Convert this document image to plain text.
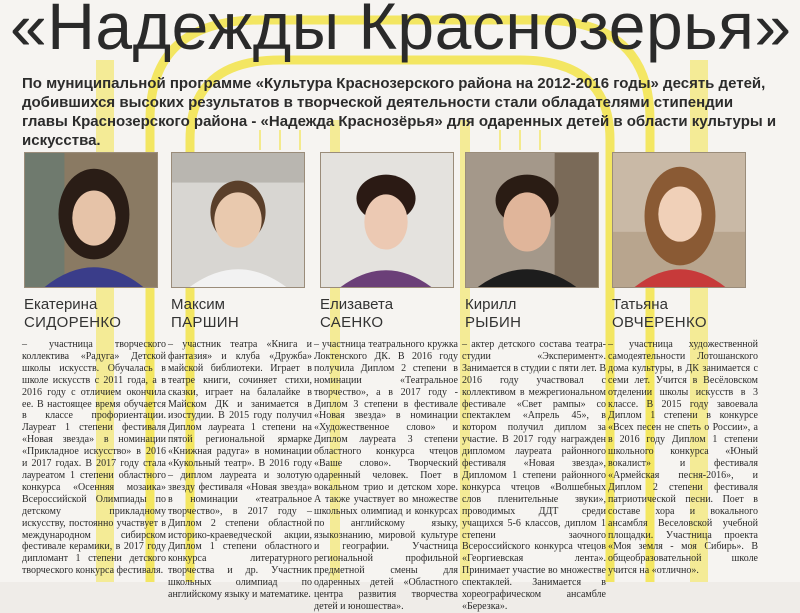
«Надежды Краснозерья»
По муниципальной программе «Культура Краснозерского района на 2012-2016 годы» десять детей, добившихся высоких результатов в творческой деятельности стали обладателями стипендии главы Краснозерского района - «Надежда Краснозёрья» для одаренных детей в области культуры и искусства.
Екатерина
СИДОРЕНКО
– участница творческого коллектива «Радуга» Детской школы искусств. Обучалась в школе искусств с 2011 года, а в 2016 году с отличием окончила ее. В настоящее время обучается в классе профориентации. Лауреат 1 степени фестиваля «Новая звезда» в номинации «Прикладное искусство» в 2016 и 2017 годах. В 2017 году стала лауреатом 1 степени областного конкурса «Осенняя мозаика» Всероссийской Олимпиады по детскому прикладному искусству, постоянно участвует в международном сибирском фестивале керамики, в 2017 году дипломант 1 степени детского творческого конкурса фестиваля.
Максим
ПАРШИН
– участник театра «Книга и фантазия» и клуба «Дружба» майской библиотеки. Играет в театре книги, сочиняет стихи, сказки, играет на балалайке в Майском ДК и занимается в изостудии. В 2015 году получил Диплом лауреата 1 степени на пятой региональной ярмарке «Книжная радуга» в номинации «Кукольный театр». В 2016 году – диплом лауреата и золотую звезду фестиваля «Новая звезда» в номинации «театральное творчество», в 2017 году – Диплом 2 степени областной историко-краеведческой акции, Диплом 1 степени областного конкурса литературного творчества и др. Участник школьных олимпиад по английскому языку и математике.
Елизавета
САЕНКО
– участница театрального кружка Локтенского ДК. В 2016 году получила Диплом 2 степени в номинации «Театральное творчество», а в 2017 году - Диплом 3 степени в фестивале «Новая звезда» в номинации «Художественное слово» и Диплом лауреата 3 степени областного конкурса чтецов «Вашe слово». Творческий одаренный человек. Поет в вокальном трио и детском хоре. А также участвует во множестве школьных олимпиад и конкурсах по английскому языку, языкознанию, мировой культуре и географии. Участница региональной профильной предметной смены для одаренных детей «Областного центра развития творчества детей и юношества».
Кирилл
РЫБИН
– актер детского состава театра-студии «Эксперимент». Занимается в студии с пяти лет. В 2016 году участвовал с коллективом в межрегиональном фестивале «Свет рампы» со спектаклем «Апрель 45», в котором получил диплом за участие. В 2017 году награжден дипломом лауреата районного фестиваля «Новая звезда», Дипломом 1 степени районного конкурса чтецов «Волшебных слов пленительные звуки», проводимых ДДТ среди учащихся 5-6 классов, диплом 1 степени заочного Всероссийского конкурса чтецов «Георгиевская лента». Принимает участие во множестве спектаклей. Занимается в хореографическом ансамбле «Березка».
Татьяна
ОВЧЕРЕНКО
– участница художественной самодеятельности Лотошанского дома культуры, в ДК занимается с семи лет. Учится в Весёловском отделении школы искусств в 3 классе. В 2015 году завоевала Диплом 1 степени в конкурсе «Всех песен не спеть о России», а в 2016 году Диплом 1 степени школьного конкурса «Юный вокалист» и фестиваля «Армейская песня-2016», и Диплом 2 степени фестиваля патриотической песни. Поет в составе хора и вокального ансамбля Веселовской учебной площадки. Участница проекта «Моя земля - моя Сибирь». В общеобразовательной школе учится на «отлично».
